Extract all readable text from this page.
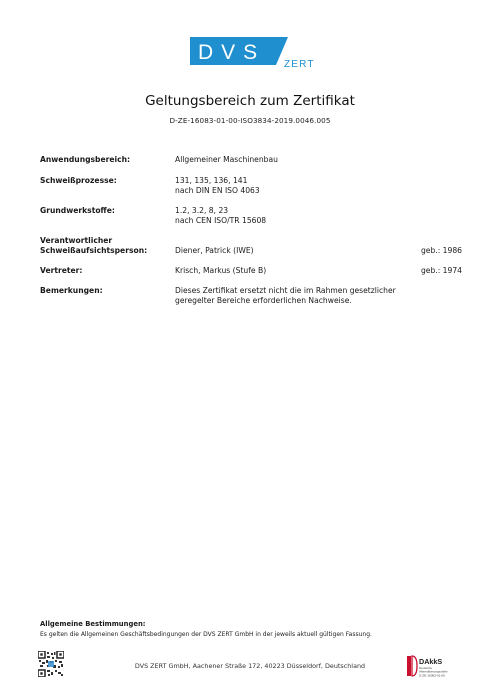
DVS
ZERT
Geltungsbereich zum Zertifikat
D-ZE-16083-01-00-ISO3834-2019.0046.005
Anwendungsbereich:	Allgemeiner Maschinenbau
Schweißprozesse:	131, 135, 136, 141
nach DIN EN ISO 4063
Grundwerkstoffe:	1.2, 3.2, 8, 23
nach CEN ISO/TR 15608
Verantwortlicher
Schweißaufsichtsperson:	Diener, Patrick (IWE)	geb.: 1986
Vertreter:	Krisch, Markus (Stufe B)	geb.: 1974
Bemerkungen:	Dieses Zertifikat ersetzt nicht die im Rahmen gesetzlicher
geregelter Bereiche erforderlichen Nachweise.
Allgemeine Bestimmungen:
Es gelten die Allgemeinen Geschäftsbedingungen der DVS ZERT GmbH in der jeweils aktuell gültigen Fassung.
DVS ZERT GmbH, Aachener Straße 172, 40223 Düsseldorf, Deutschland	DAkkS
Deutsche
Akkreditierungsstelle
D-ZE-16083-01-00
